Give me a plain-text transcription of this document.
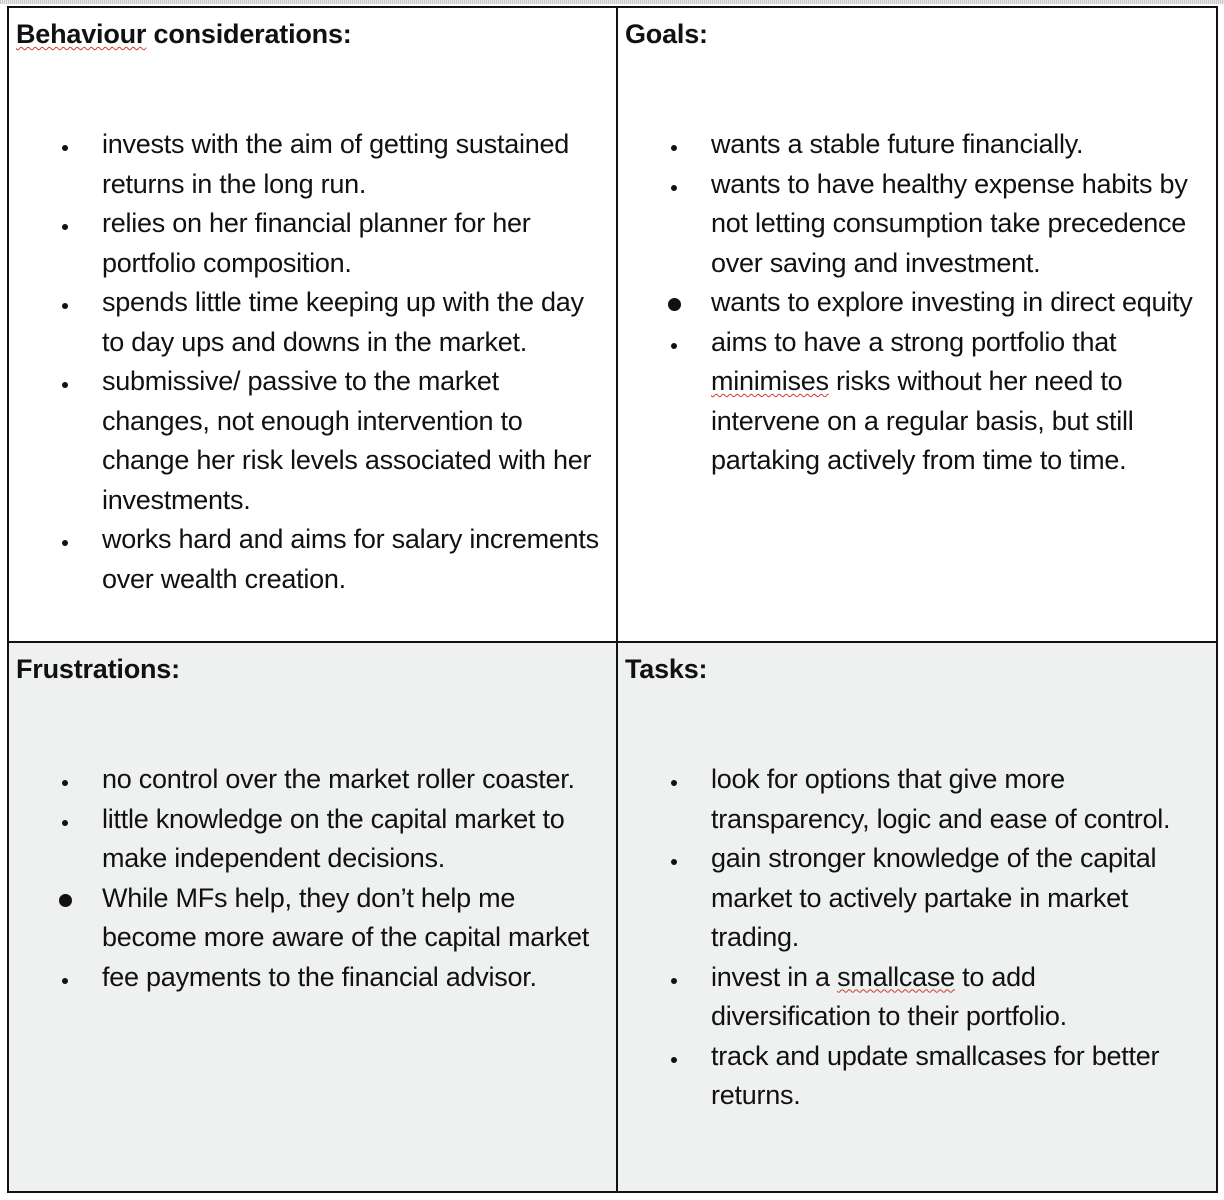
Behaviour considerations:
invests with the aim of getting sustained returns in the long run.
relies on her financial planner for her portfolio composition.
spends little time keeping up with the day to day ups and downs in the market.
submissive/ passive to the market changes, not enough intervention to change her risk levels associated with her investments.
works hard and aims for salary increments over wealth creation.
Goals:
wants a stable future financially.
wants to have healthy expense habits by not letting consumption take precedence over saving and investment.
wants to explore investing in direct equity
aims to have a strong portfolio that minimises risks without her need to intervene on a regular basis, but still partaking actively from time to time.
Frustrations:
no control over the market roller coaster.
little knowledge on the capital market to make independent decisions.
While MFs help, they don’t help me become more aware of the capital market
fee payments to the financial advisor.
Tasks:
look for options that give more transparency, logic and ease of control.
gain stronger knowledge of the capital market to actively partake in market trading.
invest in a smallcase to add diversification to their portfolio.
track and update smallcases for better returns.
